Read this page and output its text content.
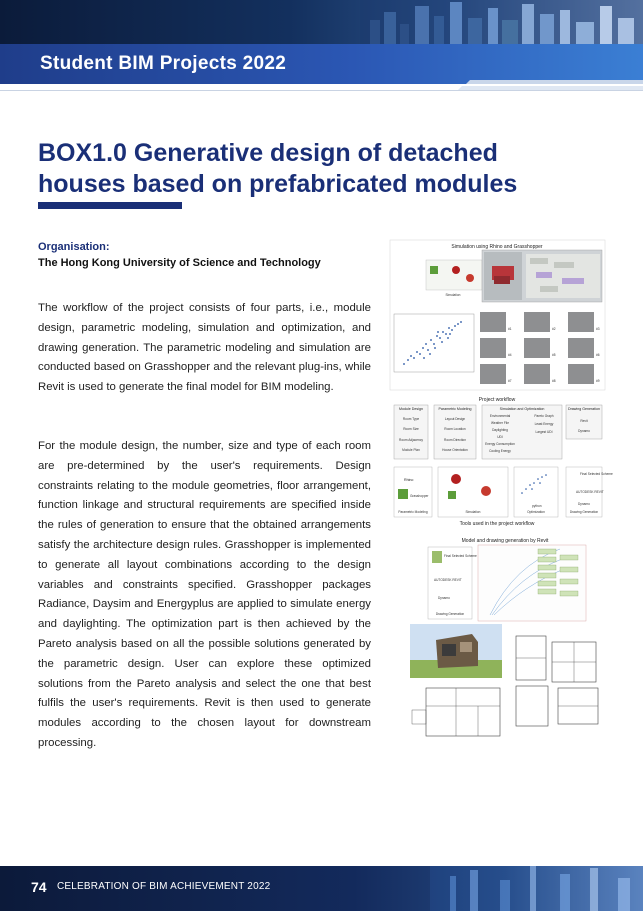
Student BIM Projects 2022
BOX1.0 Generative design of detached houses based on prefabricated modules
Organisation:
The Hong Kong University of Science and Technology

The workflow of the project consists of four parts, i.e., module design, parametric modeling, simulation and optimization, and drawing generation. The parametric modeling and simulation are conducted based on Grasshopper and the relevant plug-ins, while Revit is used to generate the final model for BIM modeling.

For the module design, the number, size and type of each room are pre-determined by the user's requirements. Design constraints relating to the module geometries, floor arrangement, function linkage and structural requirements are specified inside the rules of generation to ensure that the obtained arrangements satisfy the architecture design rules. Grasshopper is implemented to generate all layout combinations according to the design variables and constraints specified. Grasshopper packages Radiance, Daysim and Energyplus are applied to simulate energy and daylighting. The optimization part is then achieved by the Pareto analysis based on all the possible solutions generated by the parametric design. User can explore these optimized solutions from the Pareto analysis and select the one that best fulfils the user's requirements. Revit is then used to generate modules according to the chosen layout for downstream processing.

Simulation using Rhino and Grasshopper
Simulation
#1	#2	#3
#4	#5	#6
#7	#8	#9
Project workflow
Module Design
Room Type
Room Size
Room Adjacency
Module Plan
Parametric Modeling
Layout Design
Room Location
Room Direction
House Orientation
Simulation and Optimization
Environmental
Weather File
Daylighting
UDI
Energy Consumption
Cooling Energy
Pareto Graph
Least Energy
Largest UDI
Drawing Generation
Revit
Dynamo
Rhino
Grasshopper
Parametric Modeling	Simulation
python
Optimization
Final Selected Scheme
AUTODESK REVIT
Dynamo
Drawing Generation
Tools used in the project workflow
Model and drawing generation by Revit
Final Selected Scheme
AUTODESK REVIT
Dynamo
Drawing Generation
74 CELEBRATION OF BIM ACHIEVEMENT 2022
